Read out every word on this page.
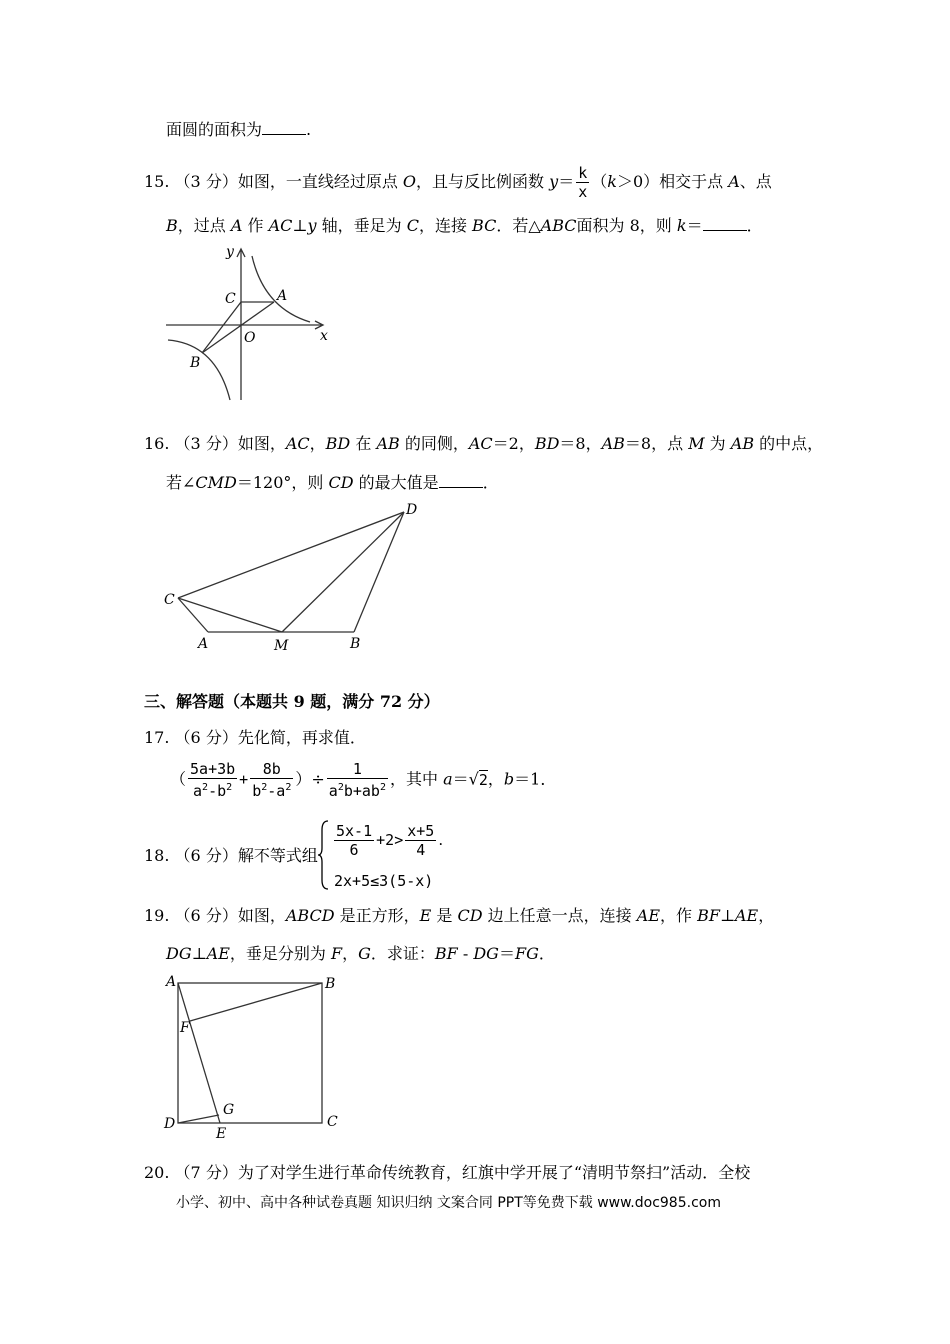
面圆的面积为	.
15. （3 分）如图，一直线经过原点 O，且与反比例函数 $y= \frac{k}{x} (k>0)$相交于点 A、点
B，过点 A 作 AC⊥y 轴，垂足为 C，连接 BC．若△ABC面积为 8，则 k＝	．
y
x
O
A
B
C
16. （3 分）如图，AC，BD 在 AB 的同侧，AC＝2，BD＝8，AB＝8，点 M 为 AB 的中点，
若∠CMD＝120°，则 CD 的最大值是	．
C
A	M	B
D
三、解答题（本题共 9 题，满分 72 分）
17. （6 分）先化简，再求值．
（ $\frac{5a+3b}{a^2-b^2} + \frac{8b}{b^2-a^2}$ ）÷ $\frac{1}{a^2b+ab^2}$ ，其中 a＝√2，b＝1．
18. （6 分）解不等式组 $\frac{5x-1}{6} +2> \frac{x+5}{4}$ .
2x+5≤3(5-x)
19. （6 分）如图，ABCD 是正方形，E 是 CD 边上任意一点，连接 AE，作 BF⊥AE，
DG⊥AE，垂足分别为 F，G．求证：BF - DG＝FG．
A	B
C
D
E
F
G
20. （7 分）为了对学生进行革命传统教育，红旗中学开展了“清明节祭扫”活动．全校
小学、初中、高中各种试卷真题 知识归纳 文案合同 PPT等免费下载 www.doc985.com
